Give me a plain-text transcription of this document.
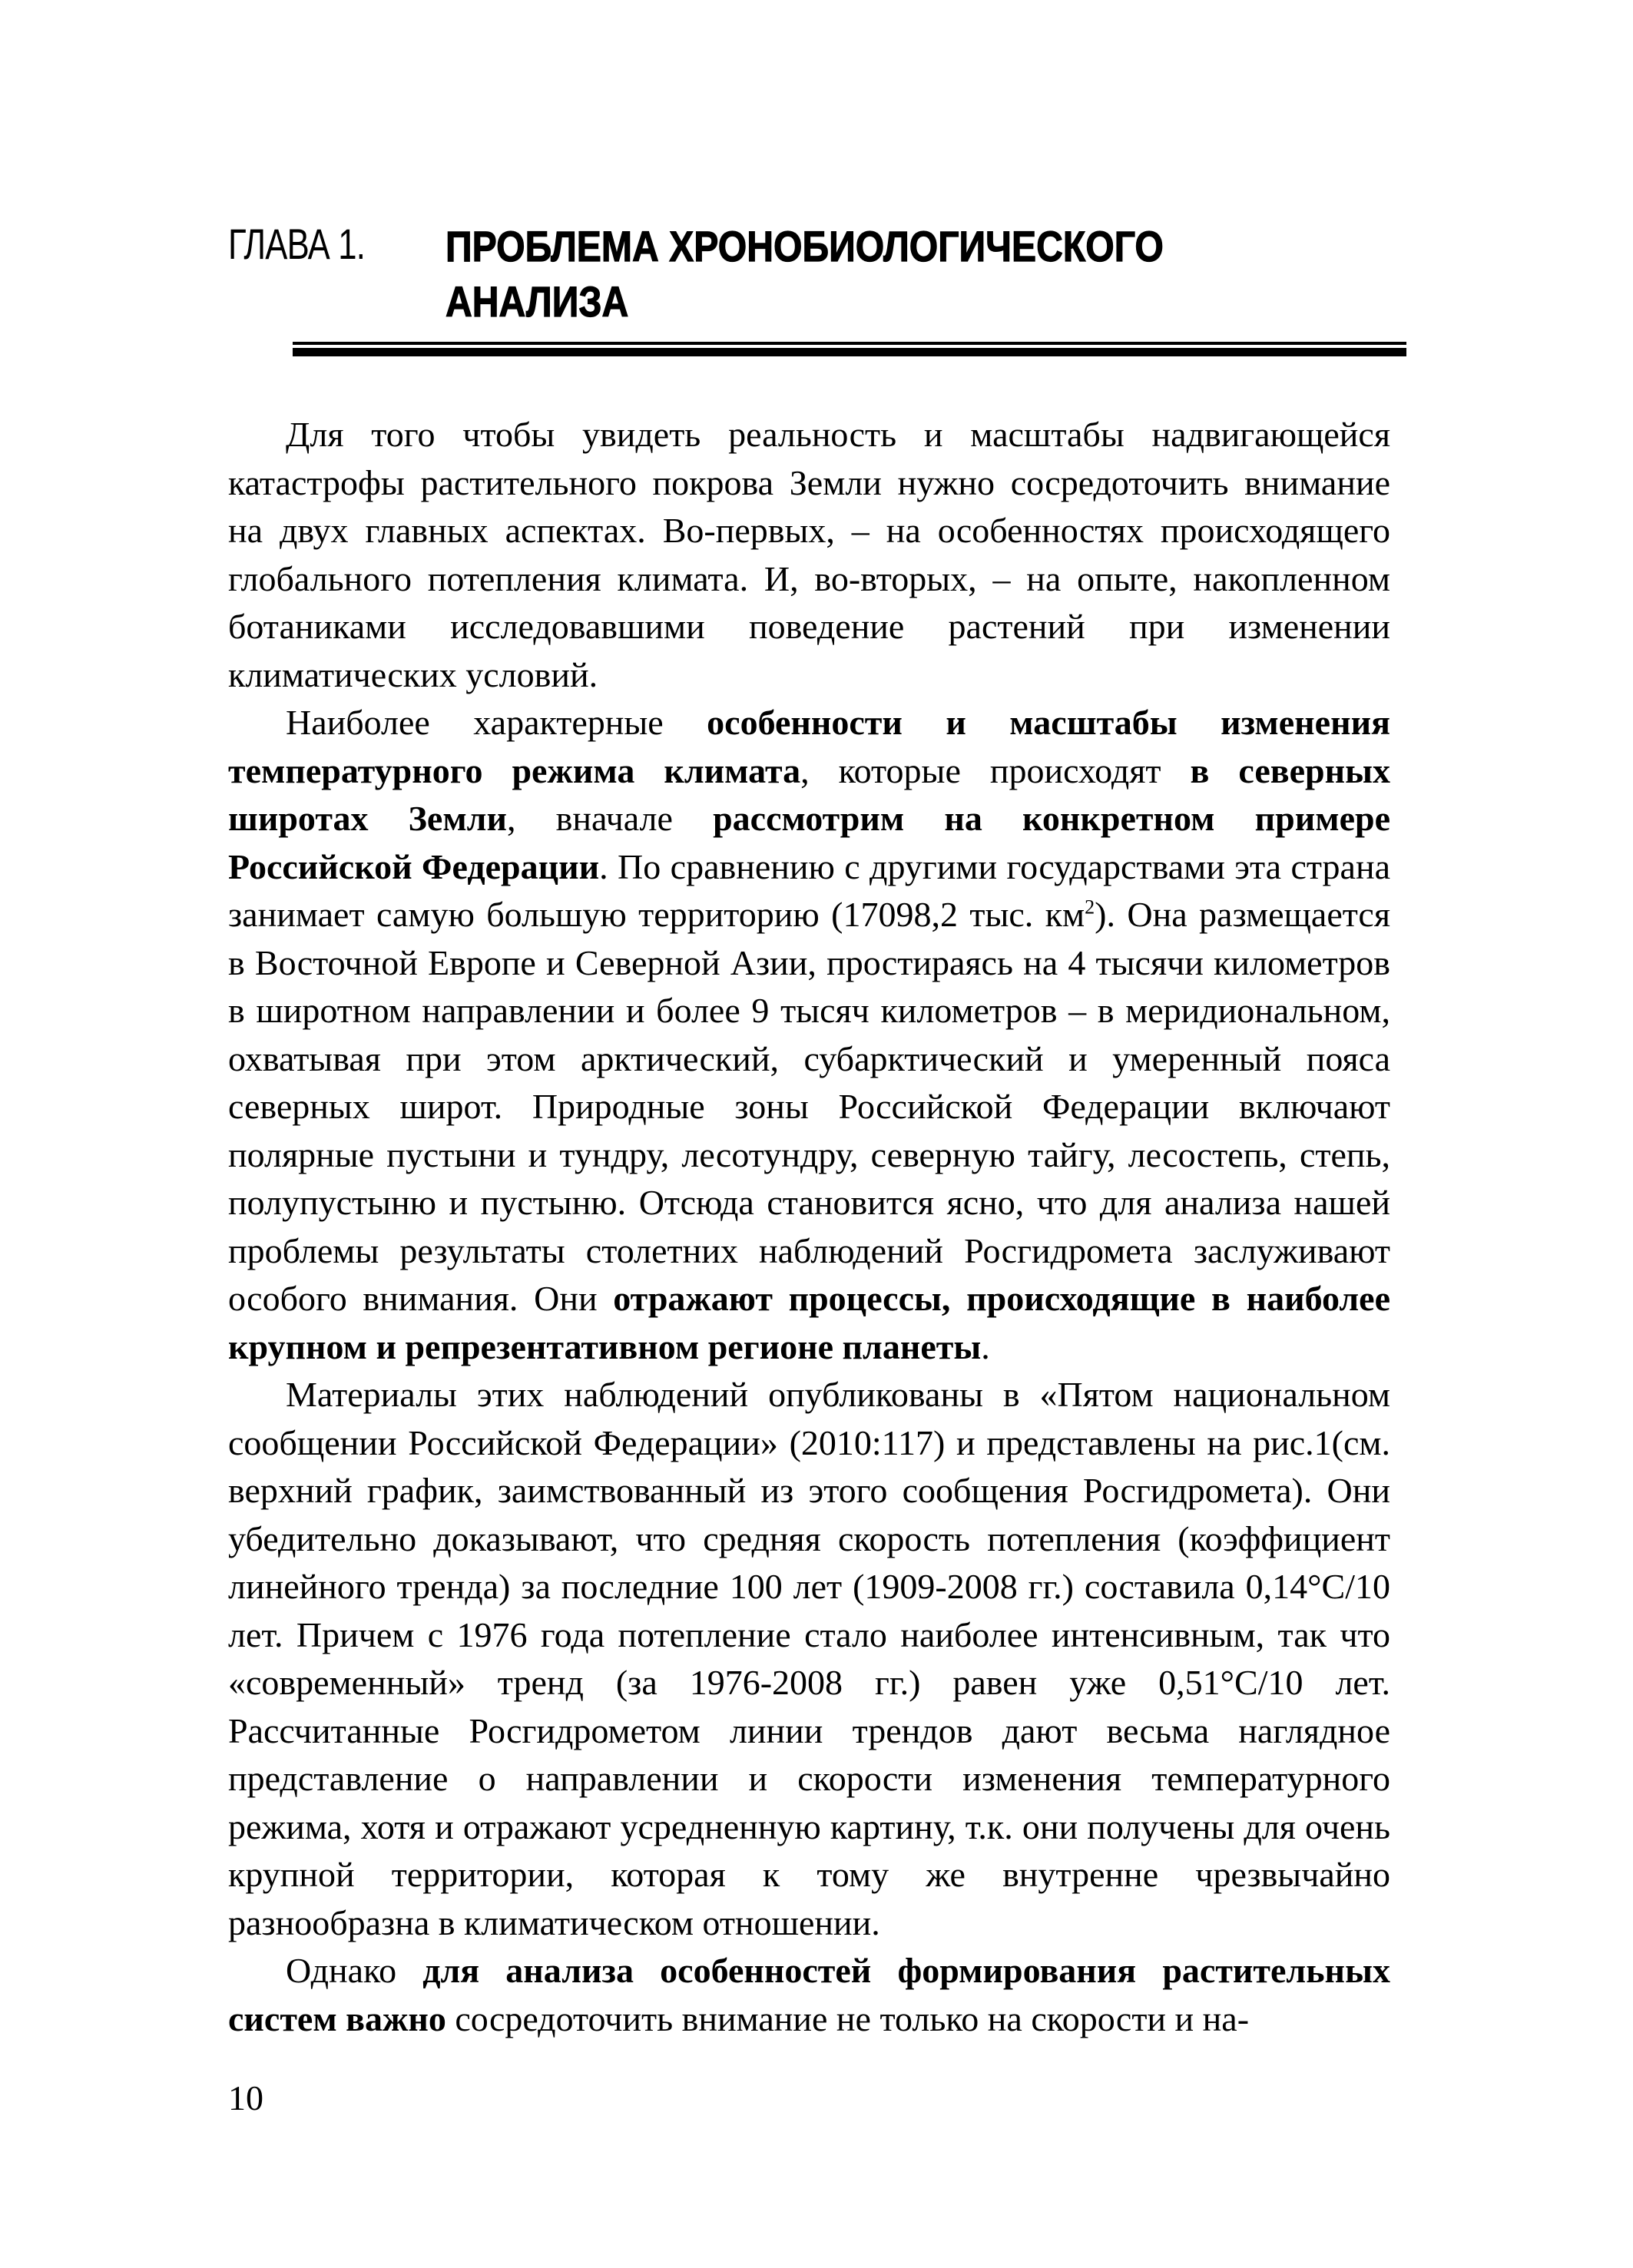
ГЛАВА 1. ПРОБЛЕМА ХРОНОБИОЛОГИЧЕСКОГО
АНАЛИЗА

Для того чтобы увидеть реальность и масштабы надвигающейся катастрофы растительного покрова Земли нужно сосредоточить внимание на двух главных аспектах. Во-первых, – на особенностях происходящего глобального потепления климата. И, во-вторых, – на опыте, накопленном ботаниками исследовавшими поведение растений при изменении климатических условий.

Наиболее характерные особенности и масштабы изменения температурного режима климата, которые происходят в северных широтах Земли, вначале рассмотрим на конкретном примере Российской Федерации. По сравнению с другими государствами эта страна занимает самую большую территорию (17098,2 тыс. $км^2$). Она размещается в Восточной Европе и Северной Азии, простираясь на 4 тысячи километров в широтном направлении и более 9 тысяч километров – в меридиональном, охватывая при этом арктический, субарктический и умеренный пояса северных широт. Природные зоны Российской Федерации включают полярные пустыни и тундру, лесотундру, северную тайгу, лесостепь, степь, полупустыню и пустыню. Отсюда становится ясно, что для анализа нашей проблемы результаты столетних наблюдений Росгидромета заслуживают особого внимания. Они отражают процессы, происходящие в наиболее крупном и репрезентативном регионе планеты.

Материалы этих наблюдений опубликованы в «Пятом национальном сообщении Российской Федерации» (2010:117) и представлены на рис.1(см. верхний график, заимствованный из этого сообщения Росгидромета). Они убедительно доказывают, что средняя скорость потепления (коэффициент линейного тренда) за последние 100 лет (1909-2008 гг.) составила 0,14°С/10 лет. Причем с 1976 года потепление стало наиболее интенсивным, так что «современный» тренд (за 1976-2008 гг.) равен уже 0,51°С/10 лет. Рассчитанные Росгидрометом линии трендов дают весьма наглядное представление о направлении и скорости изменения температурного режима, хотя и отражают усредненную картину, т.к. они получены для очень крупной территории, которая к тому же внутренне чрезвычайно разнообразна в климатическом отношении.

Однако для анализа особенностей формирования растительных систем важно сосредоточить внимание не только на скорости и на-

10
